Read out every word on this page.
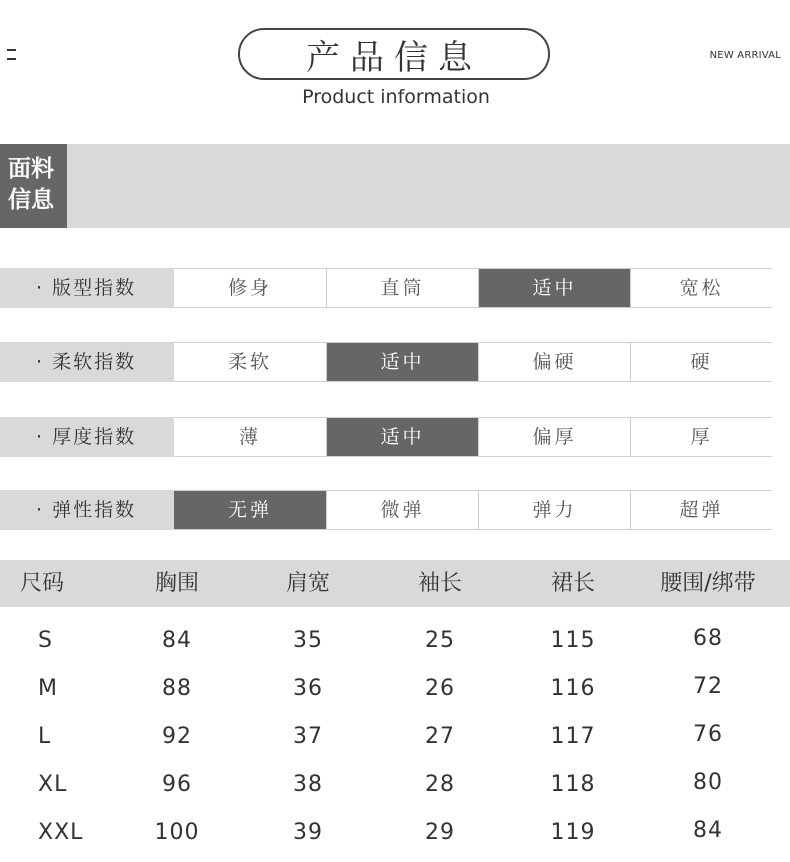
产品信息
Product information
NEW ARRIVAL
面料
信息
· 版型指数	修身	直筒	适中	宽松
· 柔软指数	柔软	适中	偏硬	硬
· 厚度指数	薄	适中	偏厚	厚
· 弹性指数	无弹	微弹	弹力	超弹
尺码	胸围	肩宽	袖长	裙长	腰围/绑带
S	84	35	25	115	68
M	88	36	26	116	72
L	92	37	27	117	76
XL	96	38	28	118	80
XXL	100	39	29	119	84
